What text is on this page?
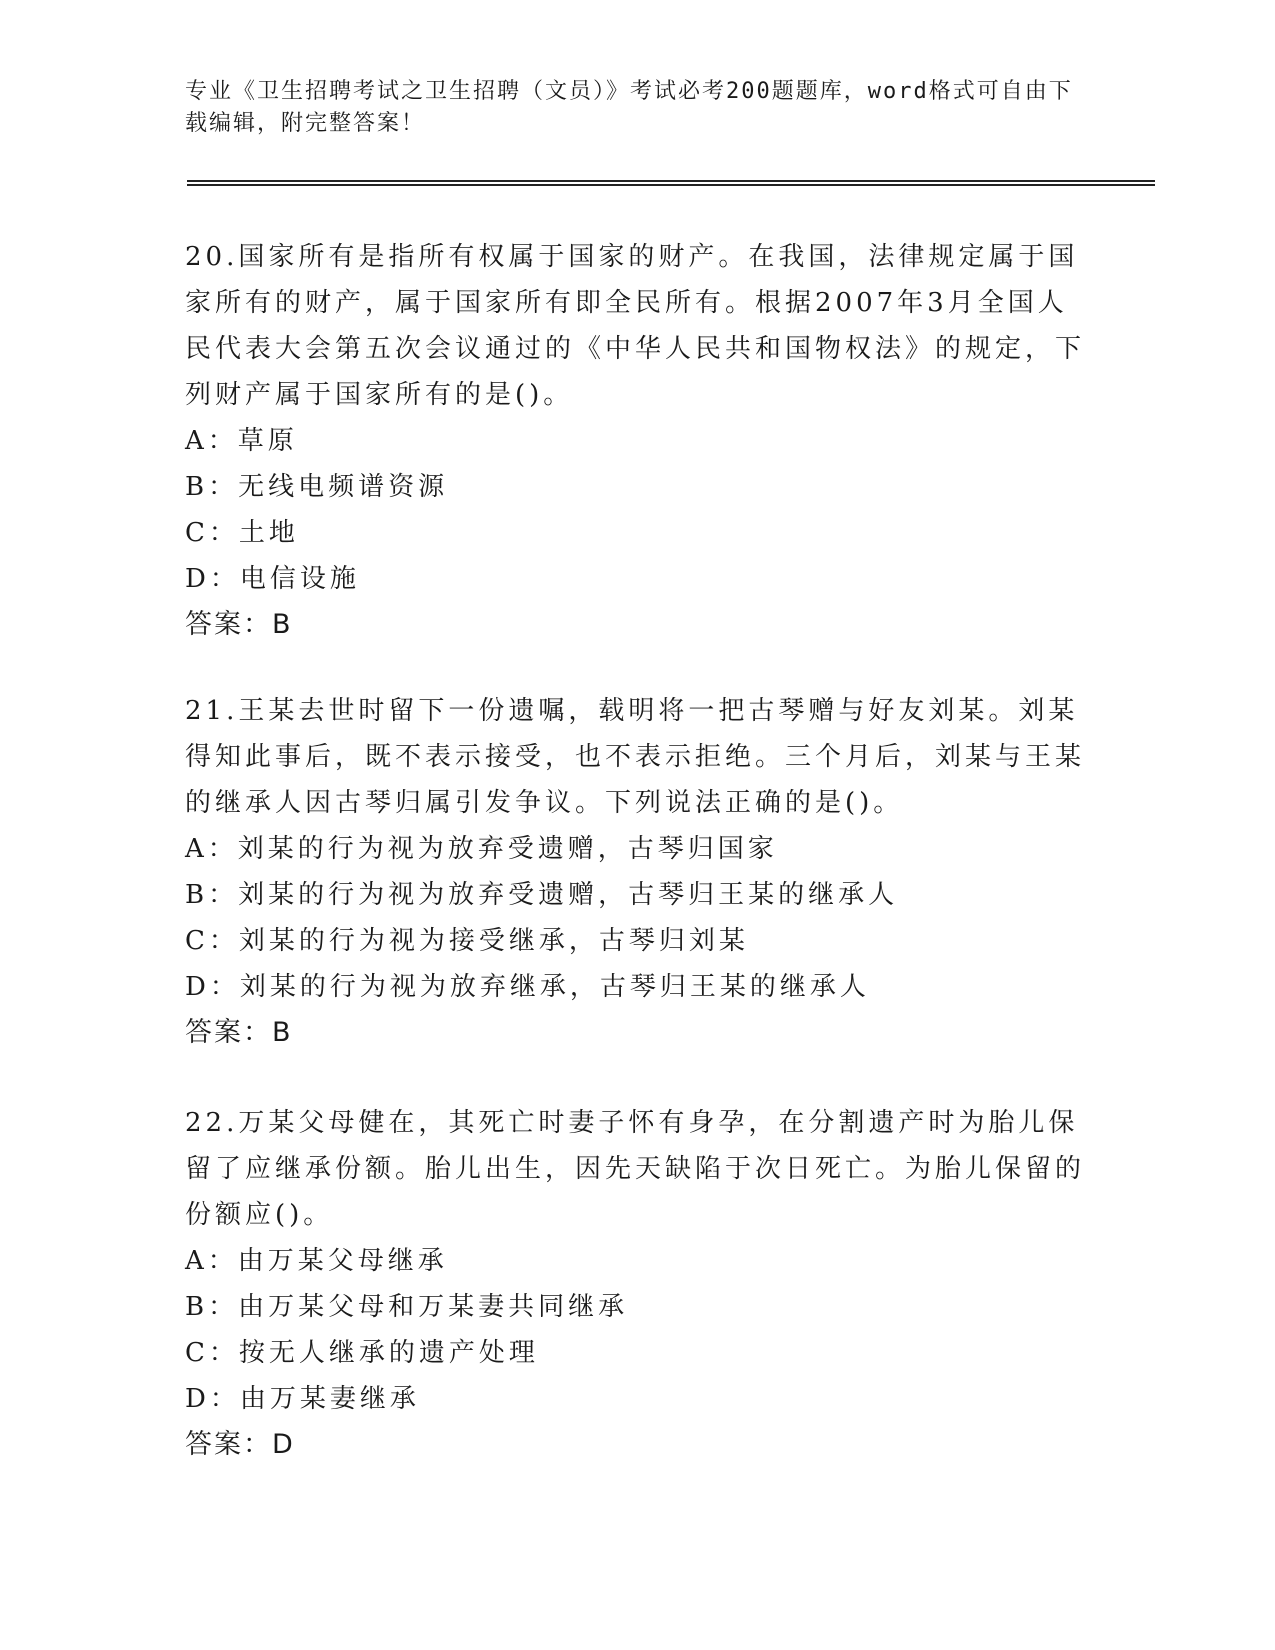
专业《卫生招聘考试之卫生招聘（文员）》考试必考200题题库，word格式可自由下载编辑，附完整答案！

20.国家所有是指所有权属于国家的财产。在我国，法律规定属于国家所有的财产，属于国家所有即全民所有。根据2007年3月全国人民代表大会第五次会议通过的《中华人民共和国物权法》的规定，下列财产属于国家所有的是()。

A：草原

B：无线电频谱资源

C：土地

D：电信设施

答案：B

21.王某去世时留下一份遗嘱，载明将一把古琴赠与好友刘某。刘某得知此事后，既不表示接受，也不表示拒绝。三个月后，刘某与王某的继承人因古琴归属引发争议。下列说法正确的是()。

A：刘某的行为视为放弃受遗赠，古琴归国家

B：刘某的行为视为放弃受遗赠，古琴归王某的继承人

C：刘某的行为视为接受继承，古琴归刘某

D：刘某的行为视为放弃继承，古琴归王某的继承人

答案：B

22.万某父母健在，其死亡时妻子怀有身孕，在分割遗产时为胎儿保留了应继承份额。胎儿出生，因先天缺陷于次日死亡。为胎儿保留的份额应()。

A：由万某父母继承

B：由万某父母和万某妻共同继承

C：按无人继承的遗产处理

D：由万某妻继承

答案：D
